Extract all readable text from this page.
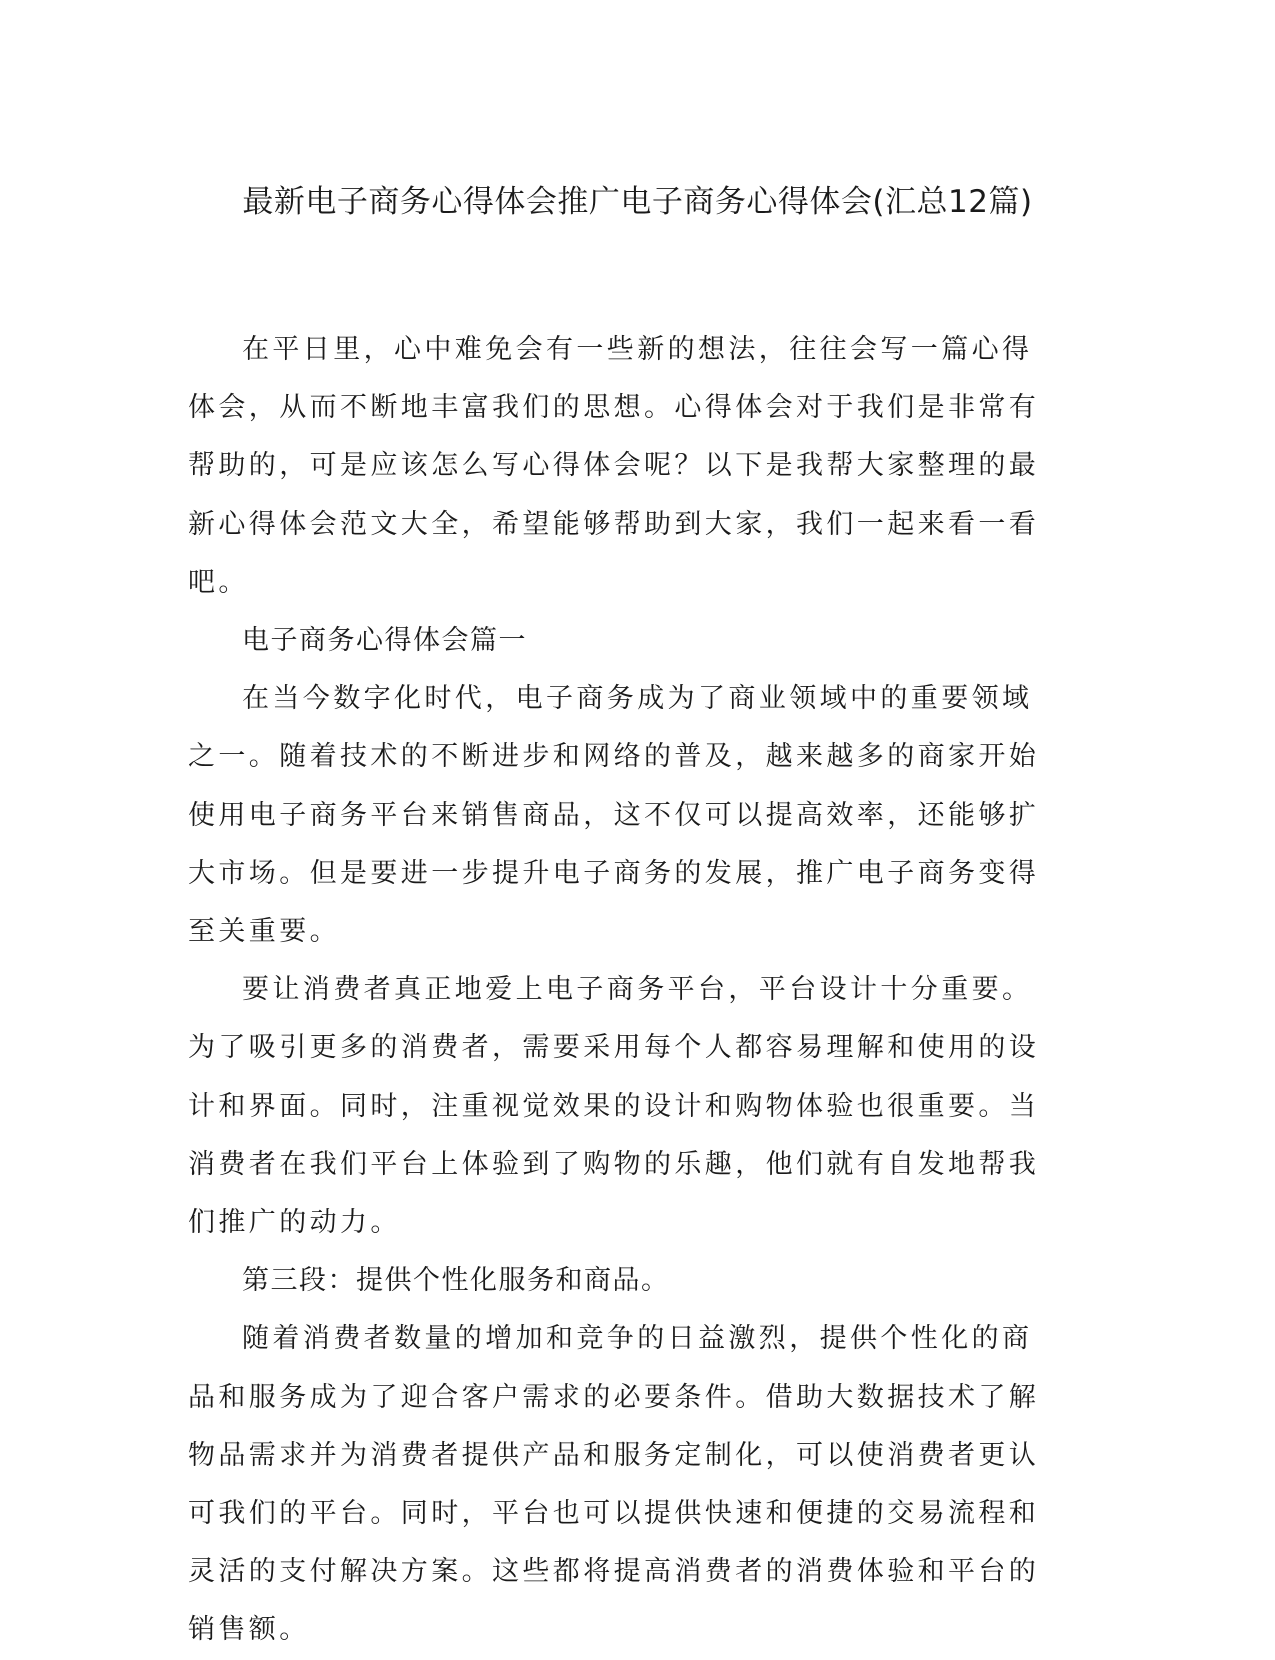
最新电子商务心得体会推广电子商务心得体会(汇总12篇)

在平日里，心中难免会有一些新的想法，往往会写一篇心得体会，从而不断地丰富我们的思想。心得体会对于我们是非常有帮助的，可是应该怎么写心得体会呢？以下是我帮大家整理的最新心得体会范文大全，希望能够帮助到大家，我们一起来看一看吧。

电子商务心得体会篇一

在当今数字化时代，电子商务成为了商业领域中的重要领域之一。随着技术的不断进步和网络的普及，越来越多的商家开始使用电子商务平台来销售商品，这不仅可以提高效率，还能够扩大市场。但是要进一步提升电子商务的发展，推广电子商务变得至关重要。

要让消费者真正地爱上电子商务平台，平台设计十分重要。为了吸引更多的消费者，需要采用每个人都容易理解和使用的设计和界面。同时，注重视觉效果的设计和购物体验也很重要。当消费者在我们平台上体验到了购物的乐趣，他们就有自发地帮我们推广的动力。

第三段：提供个性化服务和商品。

随着消费者数量的增加和竞争的日益激烈，提供个性化的商品和服务成为了迎合客户需求的必要条件。借助大数据技术了解物品需求并为消费者提供产品和服务定制化，可以使消费者更认可我们的平台。同时，平台也可以提供快速和便捷的交易流程和灵活的支付解决方案。这些都将提高消费者的消费体验和平台的销售额。
